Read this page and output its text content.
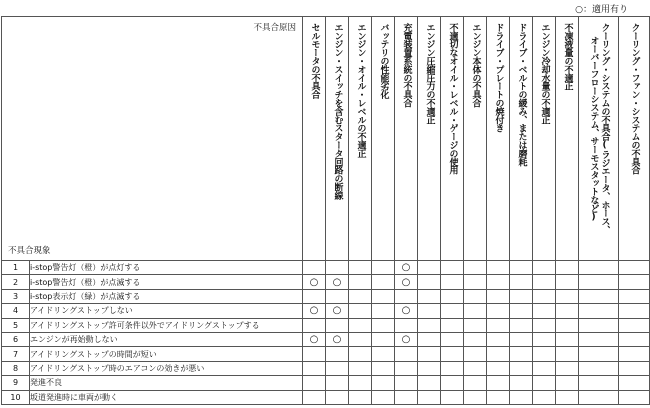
○：適用有り
不具合原因
不具合現象		セルモータの不具合	エンジン・スイッチを含むスタータ回路の断線	エンジン・オイル・レベルの不適正	バッテリの性能劣化	充電装置系統の不具合	エンジン圧縮圧力の不適正	不適切なオイル・レベル・ゲージの使用	エンジン本体の不具合	ドライブ・プレートの焼付き	ドライブ・ベルトの緩み、または磨耗	エンジン冷却水量の不適正	不凍液量の不適正	クーリング・システムの不具合(ラジエータ、ホース、
オーバーフローシステム、サーモスタットなど)	クーリング・ファン・システムの不具合
1	i-stop警告灯（橙）が点灯する					○									
2	i-stop警告灯（橙）が点滅する	○	○			○									
3	i-stop表示灯（緑）が点滅する														
4	アイドリングストップしない	○	○			○									
5	アイドリングストップ許可条件以外でアイドリングストップする														
6	エンジンが再始動しない	○	○			○									
7	アイドリングストップの時間が短い														
8	アイドリングストップ時のエアコンの効きが悪い														
9	発進不良														
10	坂道発進時に車両が動く														
